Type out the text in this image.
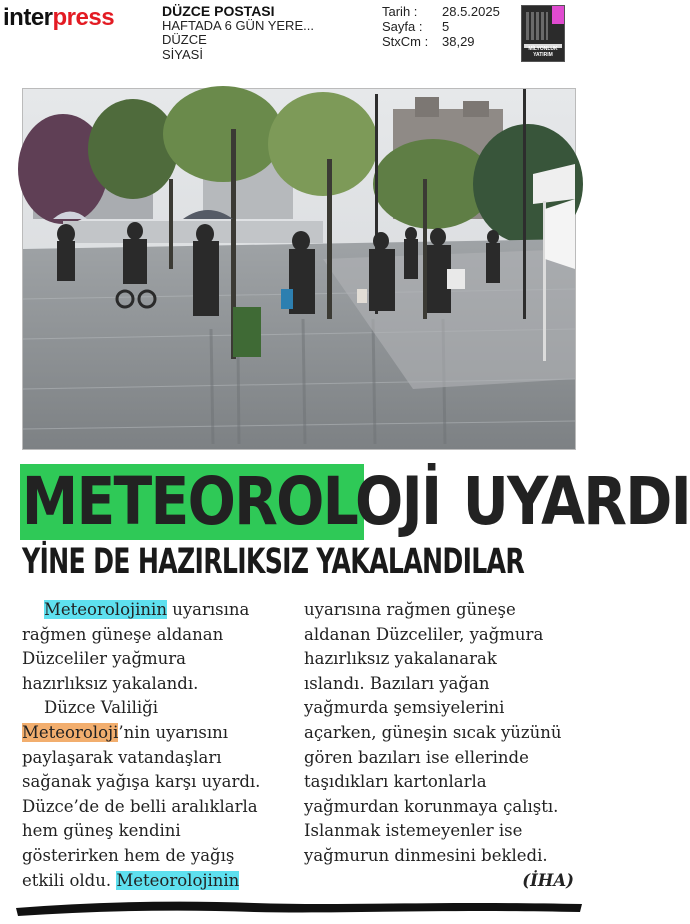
interpress	DÜZCE POSTASI
HAFTADA 6 GÜN YERE...
DÜZCE
SİYASİ
Tarih :	28.5.2025
Sayfa :	5
StxCm :	38,29	MİLYONLUK YATIRIM
METEOROLOJİ UYARDI
YİNE DE HAZIRLIKSIZ YAKALANDILAR

Meteorolojinin uyarısına

rağmen güneşe aldanan

Düzceliler yağmura

hazırlıksız yakalandı.

Düzce Valiliği

Meteoroloji’nin uyarısını

paylaşarak vatandaşları

sağanak yağışa karşı uyardı.

Düzce’de de belli aralıklarla

hem güneş kendini

gösterirken hem de yağış

etkili oldu. Meteorolojinin

uyarısına rağmen güneşe

aldanan Düzceliler, yağmura

hazırlıksız yakalanarak

ıslandı. Bazıları yağan

yağmurda şemsiyelerini

açarken, güneşin sıcak yüzünü

gören bazıları ise ellerinde

taşıdıkları kartonlarla

yağmurdan korunmaya çalıştı.

Islanmak istemeyenler ise

yağmurun dinmesini bekledi.

(İHA)
